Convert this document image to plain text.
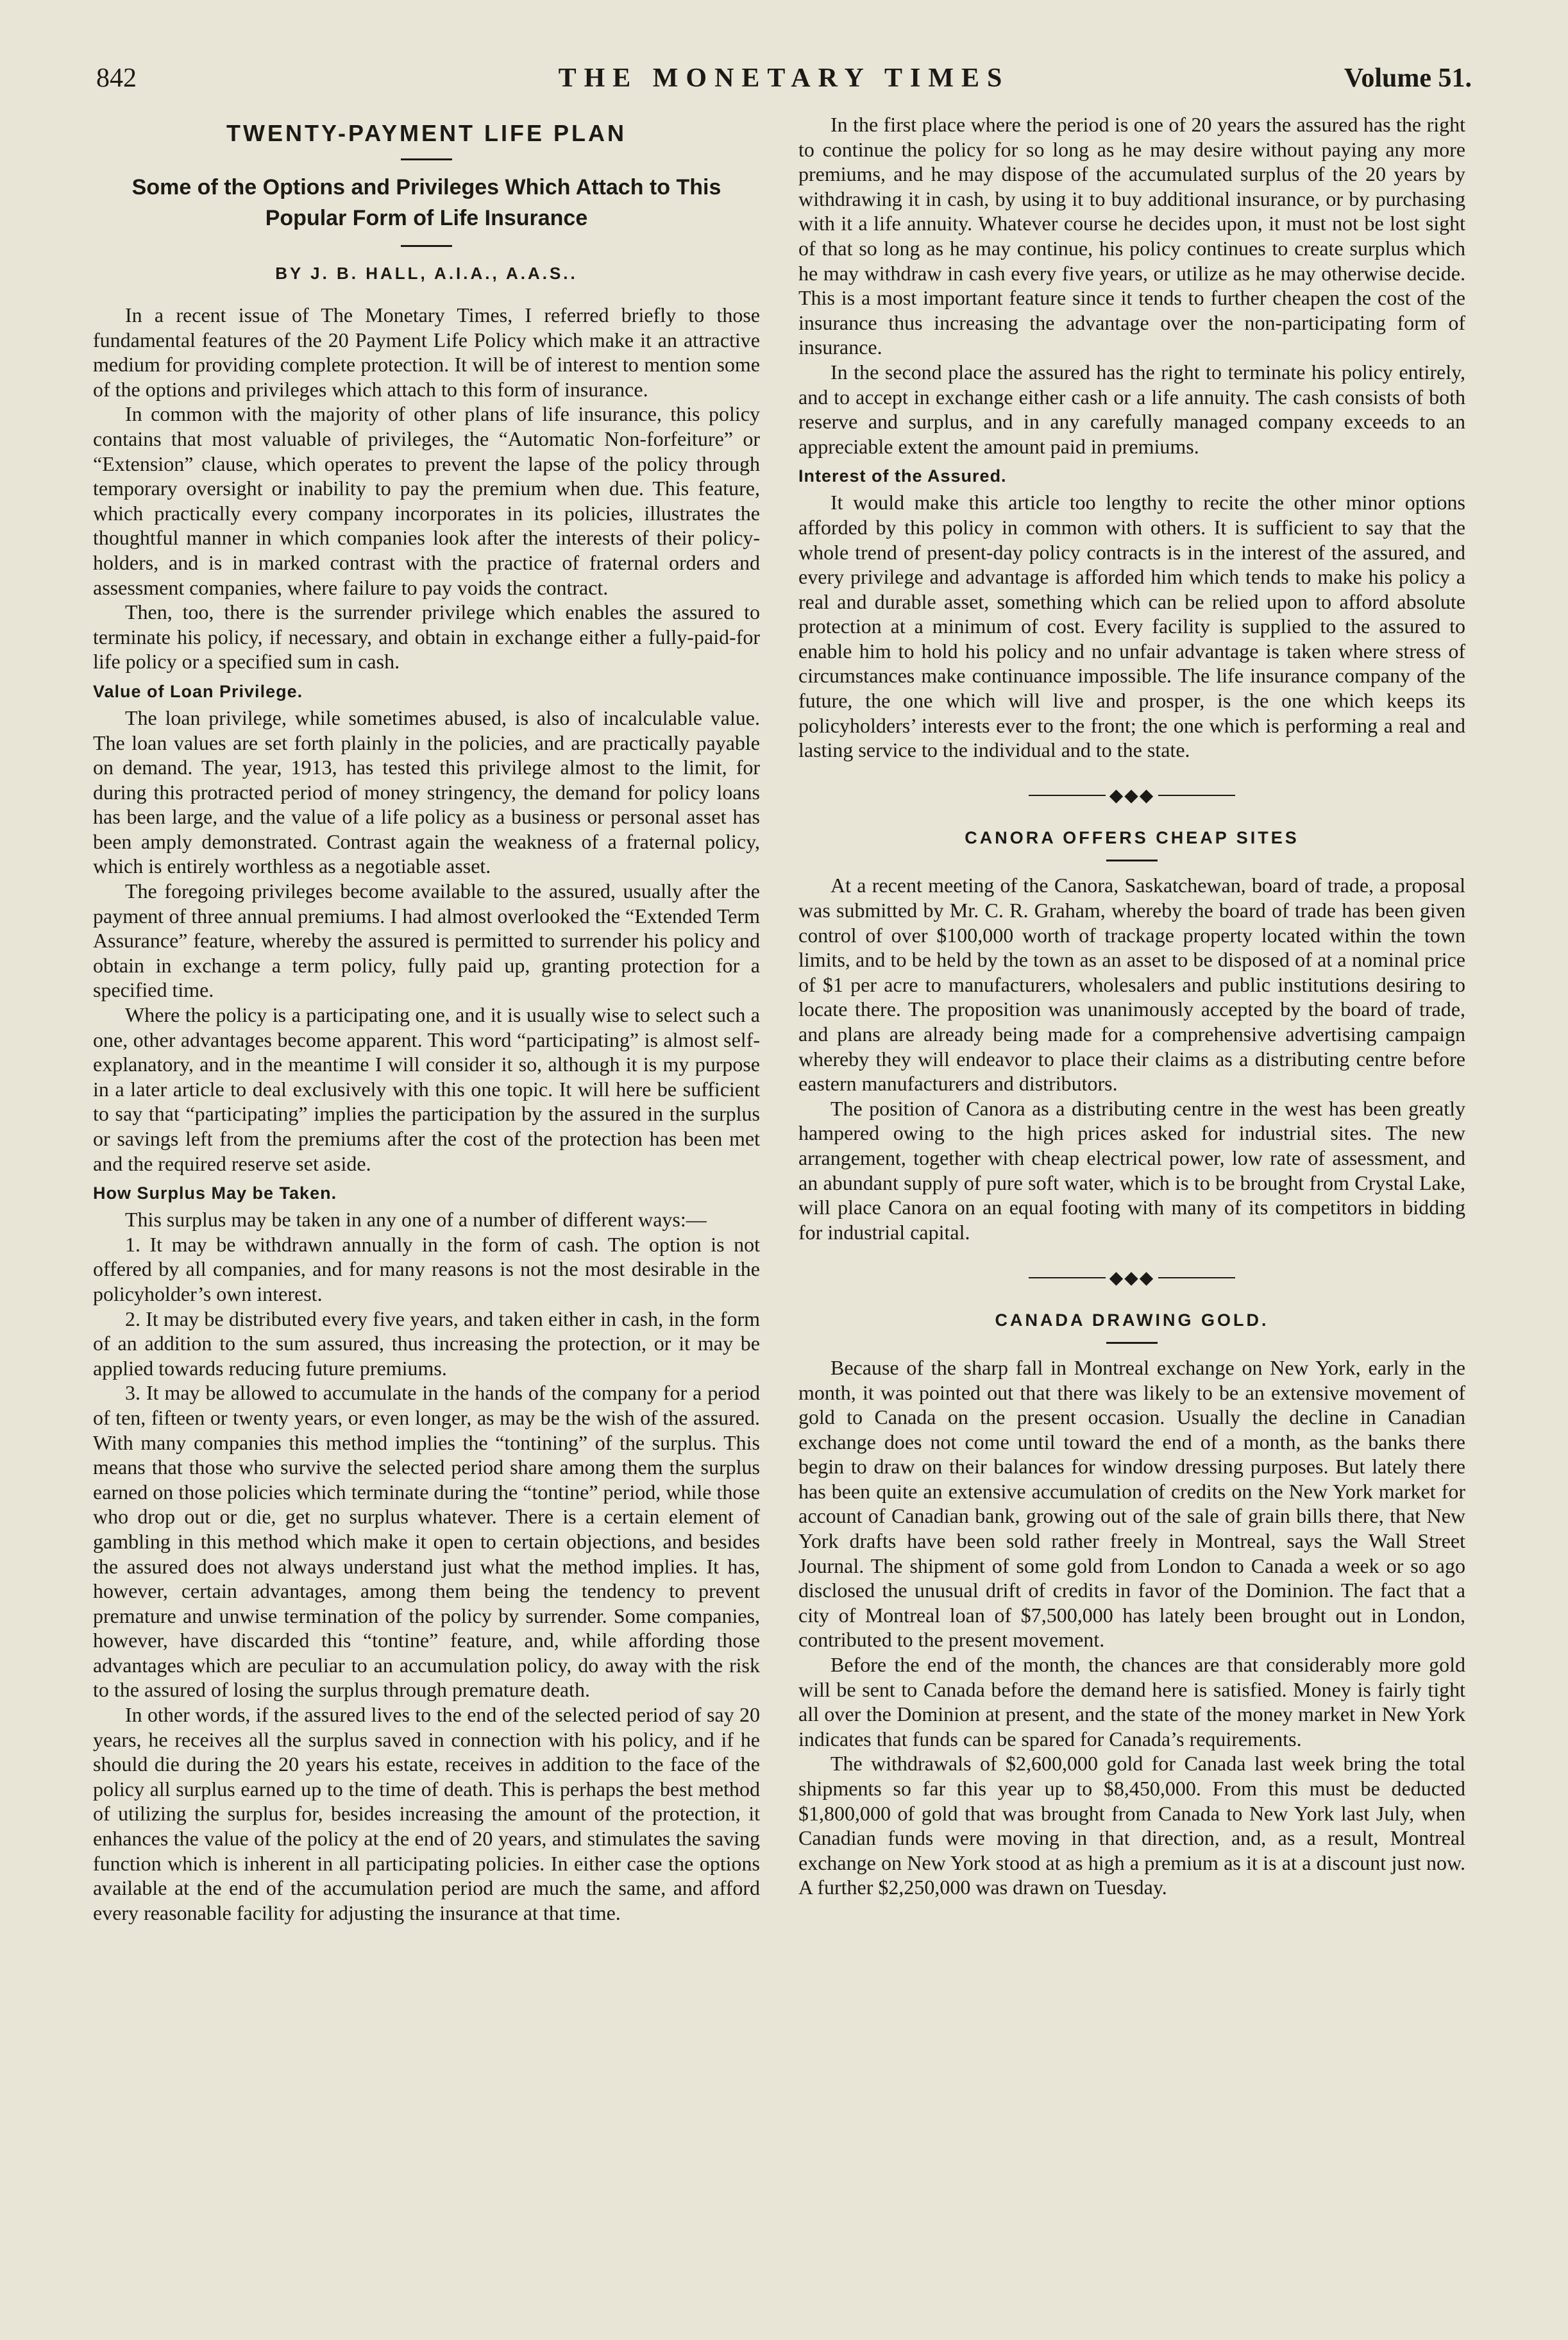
842	THE MONETARY TIMES	Volume 51.
TWENTY-PAYMENT LIFE PLAN
Some of the Options and Privileges Which Attach to This Popular Form of Life Insurance
BY J. B. HALL, A.I.A., A.A.S..

In a recent issue of The Monetary Times, I referred briefly to those fundamental features of the 20 Payment Life Policy which make it an attractive medium for providing complete protection. It will be of interest to mention some of the options and privileges which attach to this form of insurance.

In common with the majority of other plans of life insurance, this policy contains that most valuable of privileges, the “Automatic Non-forfeiture” or “Extension” clause, which operates to prevent the lapse of the policy through temporary oversight or inability to pay the premium when due. This feature, which practically every company incorporates in its policies, illustrates the thoughtful manner in which companies look after the interests of their policy-holders, and is in marked contrast with the practice of fraternal orders and assessment companies, where failure to pay voids the contract.

Then, too, there is the surrender privilege which enables the assured to terminate his policy, if necessary, and obtain in exchange either a fully-paid-for life policy or a specified sum in cash.

Value of Loan Privilege.

The loan privilege, while sometimes abused, is also of incalculable value. The loan values are set forth plainly in the policies, and are practically payable on demand. The year, 1913, has tested this privilege almost to the limit, for during this protracted period of money stringency, the demand for policy loans has been large, and the value of a life policy as a business or personal asset has been amply demonstrated. Contrast again the weakness of a fraternal policy, which is entirely worthless as a negotiable asset.

The foregoing privileges become available to the assured, usually after the payment of three annual premiums. I had almost overlooked the “Extended Term Assurance” feature, whereby the assured is permitted to surrender his policy and obtain in exchange a term policy, fully paid up, granting protection for a specified time.

Where the policy is a participating one, and it is usually wise to select such a one, other advantages become apparent. This word “participating” is almost self-explanatory, and in the meantime I will consider it so, although it is my purpose in a later article to deal exclusively with this one topic. It will here be sufficient to say that “participating” implies the participation by the assured in the surplus or savings left from the premiums after the cost of the protection has been met and the required reserve set aside.

How Surplus May be Taken.

This surplus may be taken in any one of a number of different ways:—

1. It may be withdrawn annually in the form of cash. The option is not offered by all companies, and for many reasons is not the most desirable in the policyholder’s own interest.

2. It may be distributed every five years, and taken either in cash, in the form of an addition to the sum assured, thus increasing the protection, or it may be applied towards reducing future premiums.

3. It may be allowed to accumulate in the hands of the company for a period of ten, fifteen or twenty years, or even longer, as may be the wish of the assured. With many companies this method implies the “tontining” of the surplus. This means that those who survive the selected period share among them the surplus earned on those policies which terminate during the “tontine” period, while those who drop out or die, get no surplus whatever. There is a certain element of gambling in this method which make it open to certain objections, and besides the assured does not always understand just what the method implies. It has, however, certain advantages, among them being the tendency to prevent premature and unwise termination of the policy by surrender. Some companies, however, have discarded this “tontine” feature, and, while affording those advantages which are peculiar to an accumulation policy, do away with the risk to the assured of losing the surplus through premature death.

In other words, if the assured lives to the end of the selected period of say 20 years, he receives all the surplus saved in connection with his policy, and if he should die during the 20 years his estate, receives in addition to the face of the policy all surplus earned up to the time of death. This is perhaps the best method of utilizing the surplus for, besides increasing the amount of the protection, it enhances the value of the policy at the end of 20 years, and stimulates the saving function which is inherent in all participating policies. In either case the options available at the end of the accumulation period are much the same, and afford every reasonable facility for adjusting the insurance at that time.

In the first place where the period is one of 20 years the assured has the right to continue the policy for so long as he may desire without paying any more premiums, and he may dispose of the accumulated surplus of the 20 years by withdrawing it in cash, by using it to buy additional insurance, or by purchasing with it a life annuity. Whatever course he decides upon, it must not be lost sight of that so long as he may continue, his policy continues to create surplus which he may withdraw in cash every five years, or utilize as he may otherwise decide. This is a most important feature since it tends to further cheapen the cost of the insurance thus increasing the advantage over the non-participating form of insurance.

In the second place the assured has the right to terminate his policy entirely, and to accept in exchange either cash or a life annuity. The cash consists of both reserve and surplus, and in any carefully managed company exceeds to an appreciable extent the amount paid in premiums.

Interest of the Assured.

It would make this article too lengthy to recite the other minor options afforded by this policy in common with others. It is sufficient to say that the whole trend of present-day policy contracts is in the interest of the assured, and every privilege and advantage is afforded him which tends to make his policy a real and durable asset, something which can be relied upon to afford absolute protection at a minimum of cost. Every facility is supplied to the assured to enable him to hold his policy and no unfair advantage is taken where stress of circumstances make continuance impossible. The life insurance company of the future, the one which will live and prosper, is the one which keeps its policyholders’ interests ever to the front; the one which is performing a real and lasting service to the individual and to the state.

◆◆◆
CANORA OFFERS CHEAP SITES

At a recent meeting of the Canora, Saskatchewan, board of trade, a proposal was submitted by Mr. C. R. Graham, whereby the board of trade has been given control of over $100,000 worth of trackage property located within the town limits, and to be held by the town as an asset to be disposed of at a nominal price of $1 per acre to manufacturers, wholesalers and public institutions desiring to locate there. The proposition was unanimously accepted by the board of trade, and plans are already being made for a comprehensive advertising campaign whereby they will endeavor to place their claims as a distributing centre before eastern manufacturers and distributors.

The position of Canora as a distributing centre in the west has been greatly hampered owing to the high prices asked for industrial sites. The new arrangement, together with cheap electrical power, low rate of assessment, and an abundant supply of pure soft water, which is to be brought from Crystal Lake, will place Canora on an equal footing with many of its competitors in bidding for industrial capital.

◆◆◆
CANADA DRAWING GOLD.

Because of the sharp fall in Montreal exchange on New York, early in the month, it was pointed out that there was likely to be an extensive movement of gold to Canada on the present occasion. Usually the decline in Canadian exchange does not come until toward the end of a month, as the banks there begin to draw on their balances for window dressing purposes. But lately there has been quite an extensive accumulation of credits on the New York market for account of Canadian bank, growing out of the sale of grain bills there, that New York drafts have been sold rather freely in Montreal, says the Wall Street Journal. The shipment of some gold from London to Canada a week or so ago disclosed the unusual drift of credits in favor of the Dominion. The fact that a city of Montreal loan of $7,500,000 has lately been brought out in London, contributed to the present movement.

Before the end of the month, the chances are that considerably more gold will be sent to Canada before the demand here is satisfied. Money is fairly tight all over the Dominion at present, and the state of the money market in New York indicates that funds can be spared for Canada’s requirements.

The withdrawals of $2,600,000 gold for Canada last week bring the total shipments so far this year up to $8,450,000. From this must be deducted $1,800,000 of gold that was brought from Canada to New York last July, when Canadian funds were moving in that direction, and, as a result, Montreal exchange on New York stood at as high a premium as it is at a discount just now. A further $2,250,000 was drawn on Tuesday.
